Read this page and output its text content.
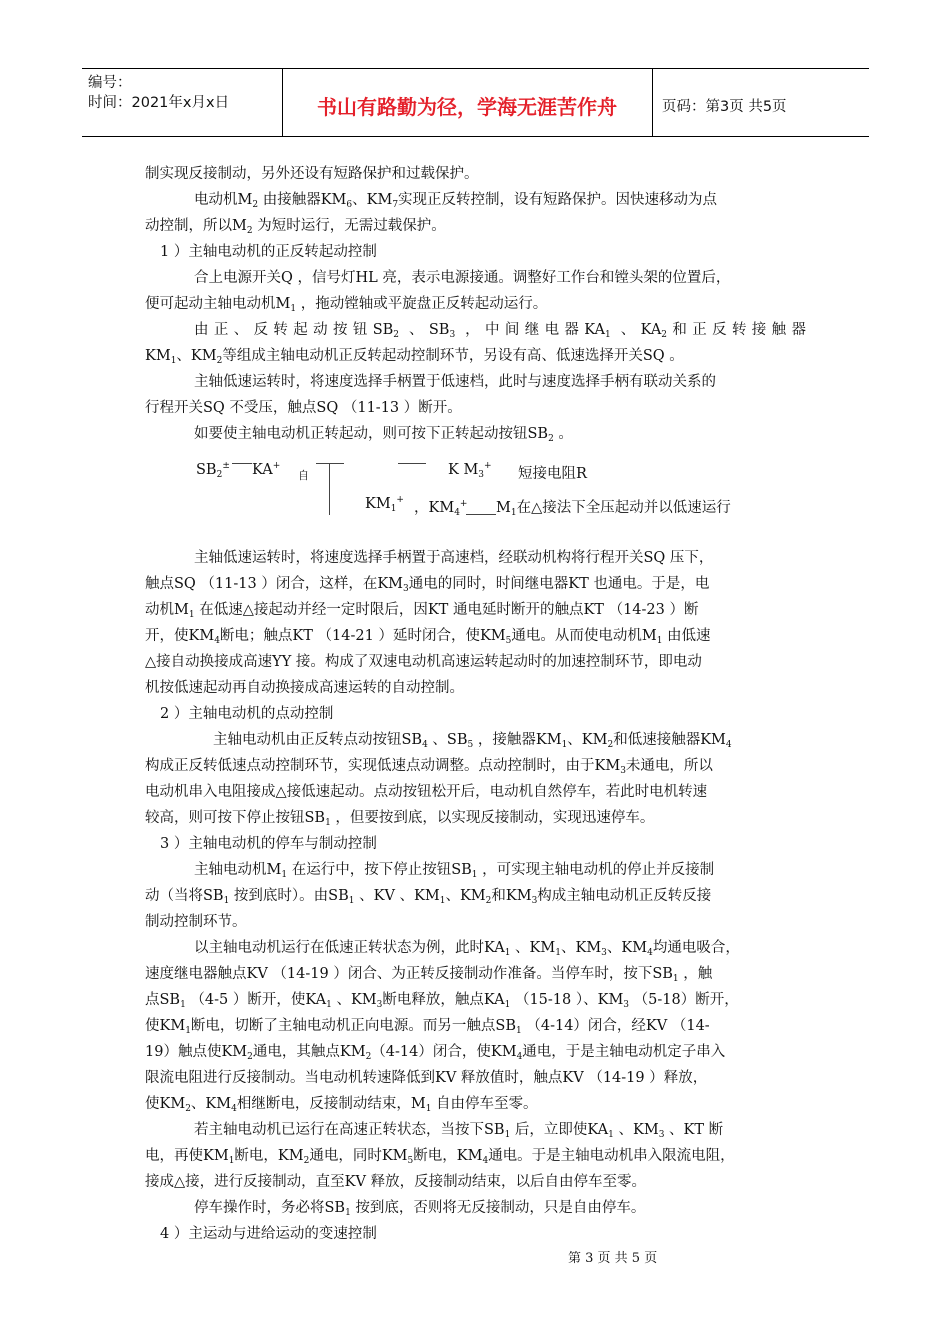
编号：
时间：2021年x月x日	书山有路勤为径，学海无涯苦作舟	页码：第3页 共5页
制实现反接制动，另外还设有短路保护和过载保护。
电动机$M_2$ 由接触器$KM_6$、$KM_7$实现正反转控制，设有短路保护。因快速移动为点
动控制，所以$M_2$ 为短时运行，无需过载保护。
1 ）主轴电动机的正反转起动控制
合上电源开关Q ，信号灯HL 亮，表示电源接通。调整好工作台和镗头架的位置后，
便可起动主轴电动机$M_1$ ，拖动镗轴或平旋盘正反转起动运行。
由正、反转起动按钮$SB_2$ 、$SB_3$ ，中间继电器$KA_1$ 、$KA_2$和正反转接触器
$KM_1$、$KM_2$等组成主轴电动机正反转起动控制环节，另设有高、低速选择开关SQ 。
主轴低速运转时，将速度选择手柄置于低速档，此时与速度选择手柄有联动关系的
行程开关SQ 不受压，触点SQ （11-13 ）断开。
如要使主轴电动机正转起动，则可按下正转起动按钮$SB_2$ 。
$SB_2^\pm$ KA+
自	K $M_3^+$ 短接电阻R
$KM_1^+$ ，$KM_4^+$ $M_1$在△接法下全压起动并以低速运行
主轴低速运转时，将速度选择手柄置于高速档，经联动机构将行程开关SQ 压下，
触点SQ （11-13 ）闭合，这样，在$KM_3$通电的同时，时间继电器KT 也通电。于是，电
动机$M_1$ 在低速△接起动并经一定时限后，因KT 通电延时断开的触点KT （14-23 ）断
开，使$KM_4$断电；触点KT （14-21 ）延时闭合，使$KM_5$通电。从而使电动机$M_1$ 由低速
△接自动换接成高速YY 接。构成了双速电动机高速运转起动时的加速控制环节，即电动
机按低速起动再自动换接成高速运转的自动控制。
2 ）主轴电动机的点动控制
主轴电动机由正反转点动按钮$SB_4$ 、$SB_5$ ，接触器$KM_1$、$KM_2$和低速接触器$KM_4$
构成正反转低速点动控制环节，实现低速点动调整。点动控制时，由于$KM_3$未通电，所以
电动机串入电阻接成△接低速起动。点动按钮松开后，电动机自然停车，若此时电机转速
较高，则可按下停止按钮$SB_1$ ，但要按到底，以实现反接制动，实现迅速停车。
3 ）主轴电动机的停车与制动控制
主轴电动机$M_1$ 在运行中，按下停止按钮$SB_1$ ，可实现主轴电动机的停止并反接制
动（当将$SB_1$ 按到底时）。由$SB_1$ 、KV 、$KM_1$、$KM_2$和$KM_3$构成主轴电动机正反转反接
制动控制环节。
以主轴电动机运行在低速正转状态为例，此时$KA_1$ 、$KM_1$、$KM_3$、$KM_4$均通电吸合，
速度继电器触点KV （14-19 ）闭合、为正转反接制动作准备。当停车时，按下$SB_1$ ，触
点$SB_1$ （4-5 ）断开，使$KA_1$ 、$KM_3$断电释放，触点$KA_1$ （15-18 ）、$KM_3$ （5-18）断开，
使$KM_1$断电，切断了主轴电动机正向电源。而另一触点$SB_1$ （4-14）闭合，经KV （14-
19）触点使$KM_2$通电，其触点$KM_2(4-14)$闭合，使$KM_4$通电，于是主轴电动机定子串入
限流电阻进行反接制动。当电动机转速降低到KV 释放值时，触点KV （14-19 ）释放，
使$KM_2$、$KM_4$相继断电，反接制动结束，$M_1$ 自由停车至零。
若主轴电动机已运行在高速正转状态，当按下$SB_1$ 后，立即使$KA_1$ 、$KM_3$ 、KT 断
电，再使$KM_1$断电，$KM_2$通电，同时$KM_5$断电，$KM_4$通电。于是主轴电动机串入限流电阻，
接成△接，进行反接制动，直至KV 释放，反接制动结束，以后自由停车至零。
停车操作时，务必将$SB_1$ 按到底，否则将无反接制动，只是自由停车。
4 ）主运动与进给运动的变速控制
第 3 页 共 5 页
